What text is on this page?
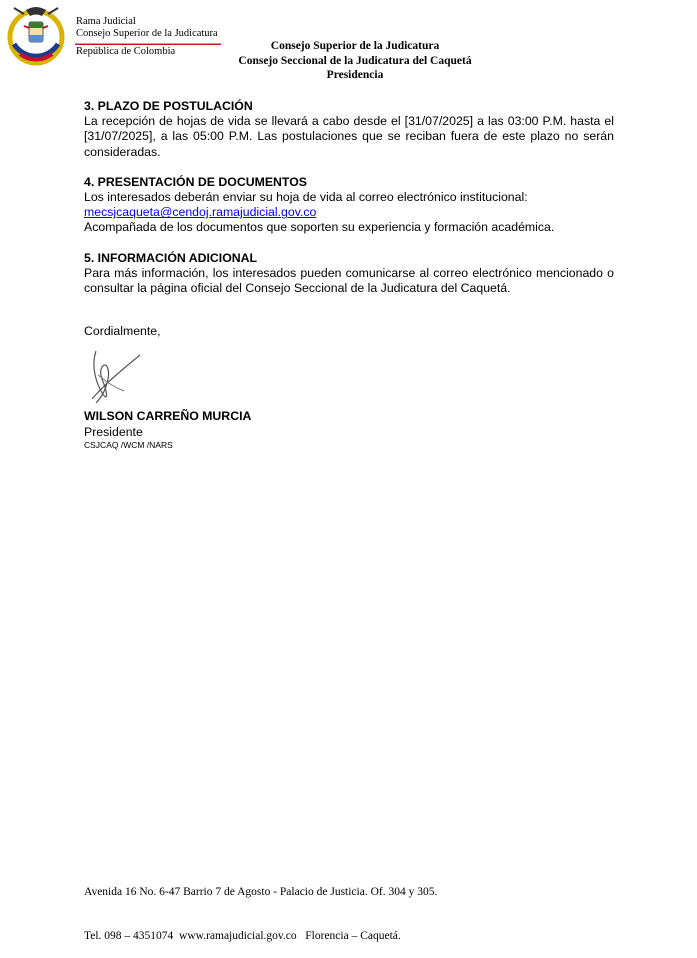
Rama Judicial
Consejo Superior de la Judicatura
República de Colombia	Consejo Superior de la Judicatura
Consejo Seccional de la Judicatura del Caquetá
Presidencia
3. PLAZO DE POSTULACIÓN

La recepción de hojas de vida se llevará a cabo desde el [31/07/2025] a las 03:00 P.M. hasta el [31/07/2025], a las 05:00 P.M. Las postulaciones que se reciban fuera de este plazo no serán consideradas.

4. PRESENTACIÓN DE DOCUMENTOS

Los interesados deberán enviar su hoja de vida al correo electrónico institucional:

mecsjcaqueta@cendoj.ramajudicial.gov.co

Acompañada de los documentos que soporten su experiencia y formación académica.

5. INFORMACIÓN ADICIONAL

Para más información, los interesados pueden comunicarse al correo electrónico mencionado o consultar la página oficial del Consejo Seccional de la Judicatura del Caquetá.

Cordialmente,
WILSON CARREÑO MURCIA
Presidente
CSJCAQ /WCM /NARS

Avenida 16 No. 6-47 Barrio 7 de Agosto - Palacio de Justicia. Of. 304 y 305.

Tel. 098 – 4351074  www.ramajudicial.gov.co   Florencia – Caquetá.
